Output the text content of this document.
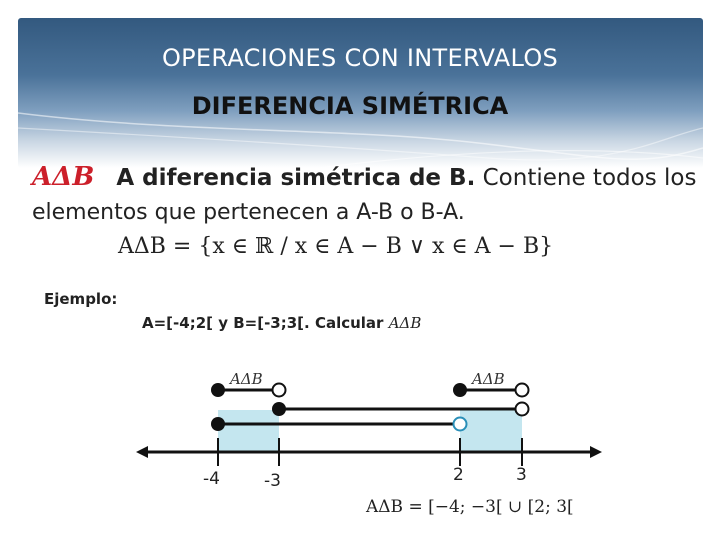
OPERACIONES CON INTERVALOS
DIFERENCIA SIMÉTRICA
AΔB A diferencia simétrica de B. Contiene todos los
elementos que pertenecen a A-B o B-A.
AΔB = {x ∈ ℝ / x ∈ A − B ∨ x ∈ A − B}
Ejemplo:
A=[-4;2[ y B=[-3;3[. Calcular AΔB
-4	-3	2	3
AΔB	AΔB
AΔB = [−4; −3[ ∪ [2; 3[
